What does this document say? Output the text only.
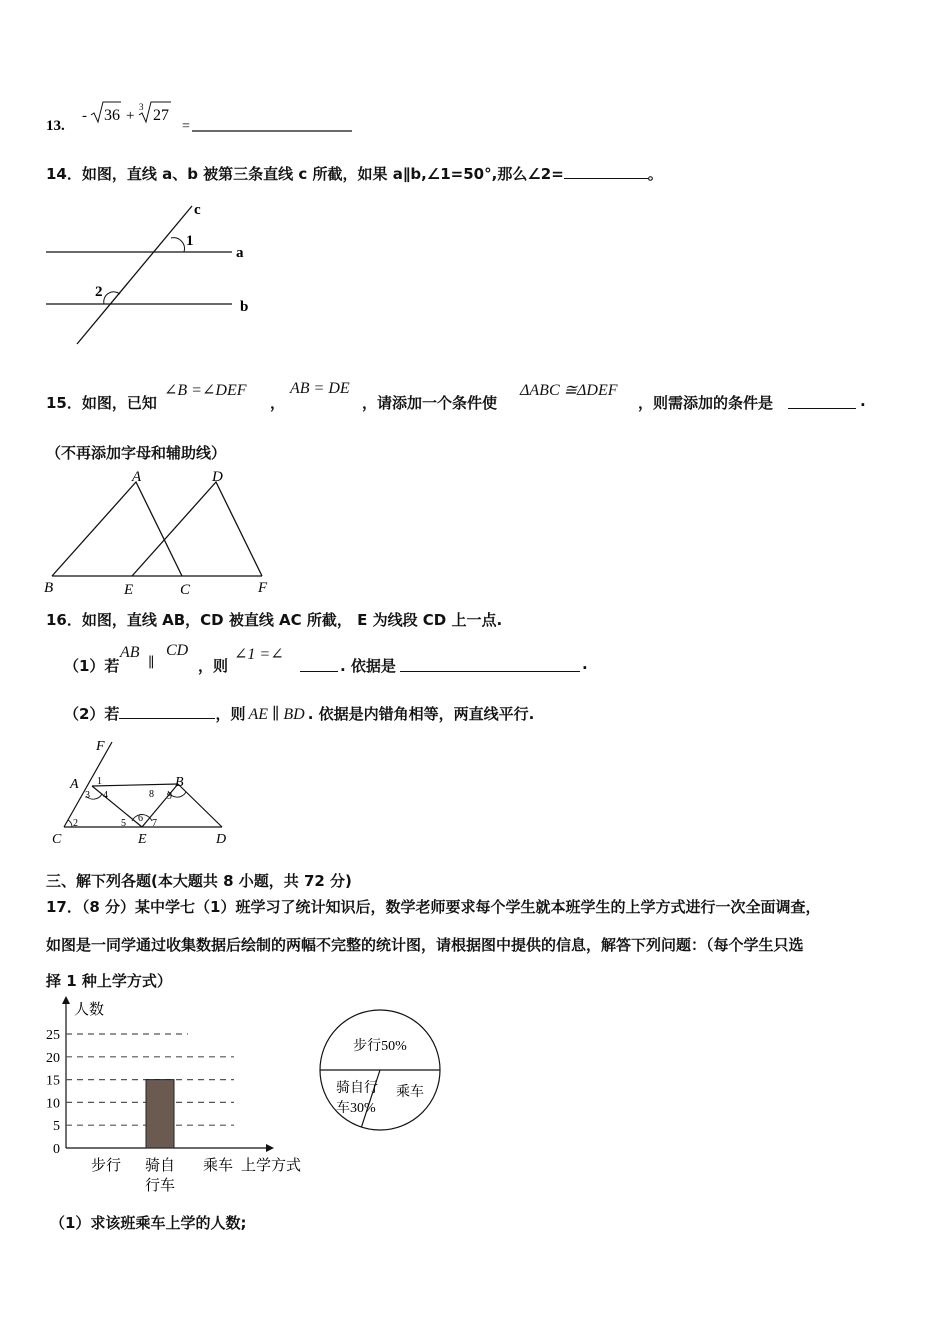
13.
- 36 +
3 27
=
14．如图，直线 a、b 被第三条直线 c 所截，如果 a∥b,∠1=50°,那么∠2=	。
c
1
a
2
b
15．如图，已知
∠B =∠DEF
，
AB = DE
，请添加一个条件使
ΔABC ≅ΔDEF
，则需添加的条件是	.
（不再添加字母和辅助线）
A	D
B	E	C	F
16．如图，直线 AB，CD 被直线 AC 所截， E 为线段 CD 上一点.
（1）若
AB
∥
CD
，则
∠1 =∠
. 依据是	.
（2）若	，则 AE ∥ BD . 依据是内错角相等，两直线平行.
F
A	B
C	E	D
1
3 4
2
8 9
5 6 7
三、解下列各题(本大题共 8 小题，共 72 分)
17．（8 分）某中学七（1）班学习了统计知识后，数学老师要求每个学生就本班学生的上学方式进行一次全面调查，
如图是一同学通过收集数据后绘制的两幅不完整的统计图，请根据图中提供的信息，解答下列问题：（每个学生只选
择 1 种上学方式）
人数
上学方式
0
5
10
15
20
25
步行 骑自
行车
乘车
步行50%
骑自行
车30%
乘车
（1）求该班乘车上学的人数;
